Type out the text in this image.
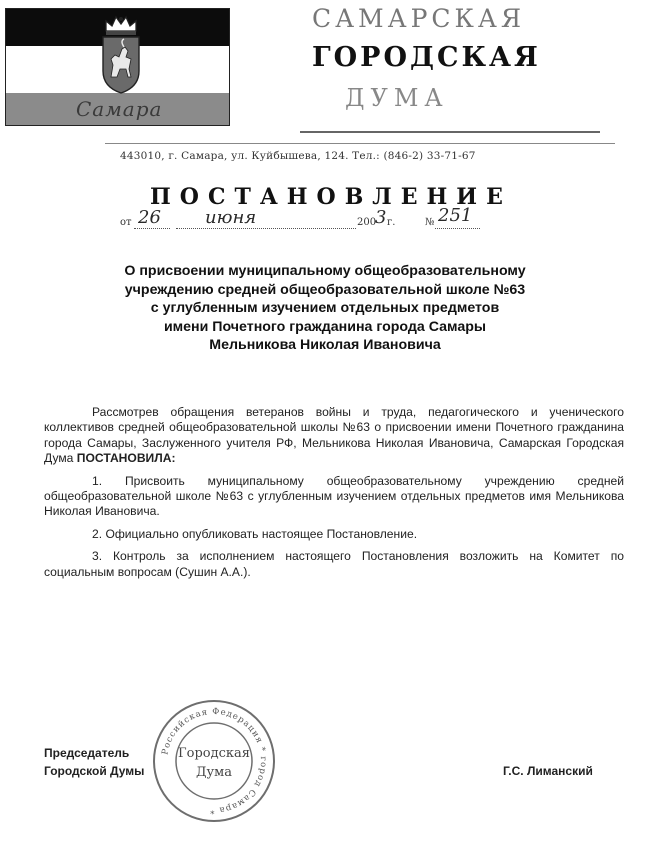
Самара
САМАРСКАЯ
ГОРОДСКАЯ
ДУМА
443010, г. Самара, ул. Куйбышева, 124. Тел.: (846-2) 33-71-67
ПОСТАНОВЛЕНИЕ
от 26 июня	200
3 г.	№ 251
О присвоении муниципальному общеобразовательному
учреждению средней общеобразовательной школе №63
с углубленным изучением отдельных предметов
имени Почетного гражданина города Самары
Мельникова Николая Ивановича

Рассмотрев обращения ветеранов войны и труда, педагогического и ученического коллективов средней общеобразовательной школы №63 о присвоении имени Почетного гражданина города Самары, Заслуженного учителя РФ, Мельникова Николая Ивановича, Самарская Городская Дума ПОСТАНОВИЛА:

1. Присвоить муниципальному общеобразовательному учреждению средней общеобразовательной школе №63 с углубленным изучением отдельных предметов имя Мельникова Николая Ивановича.

2. Официально опубликовать настоящее Постановление.

3. Контроль за исполнением настоящего Постановления возложить на Комитет по социальным вопросам (Сушин А.А.).

Председатель
Городской Думы	Г.С. Лиманский
Российская Федерация * город Самара *
Городская
Дума
